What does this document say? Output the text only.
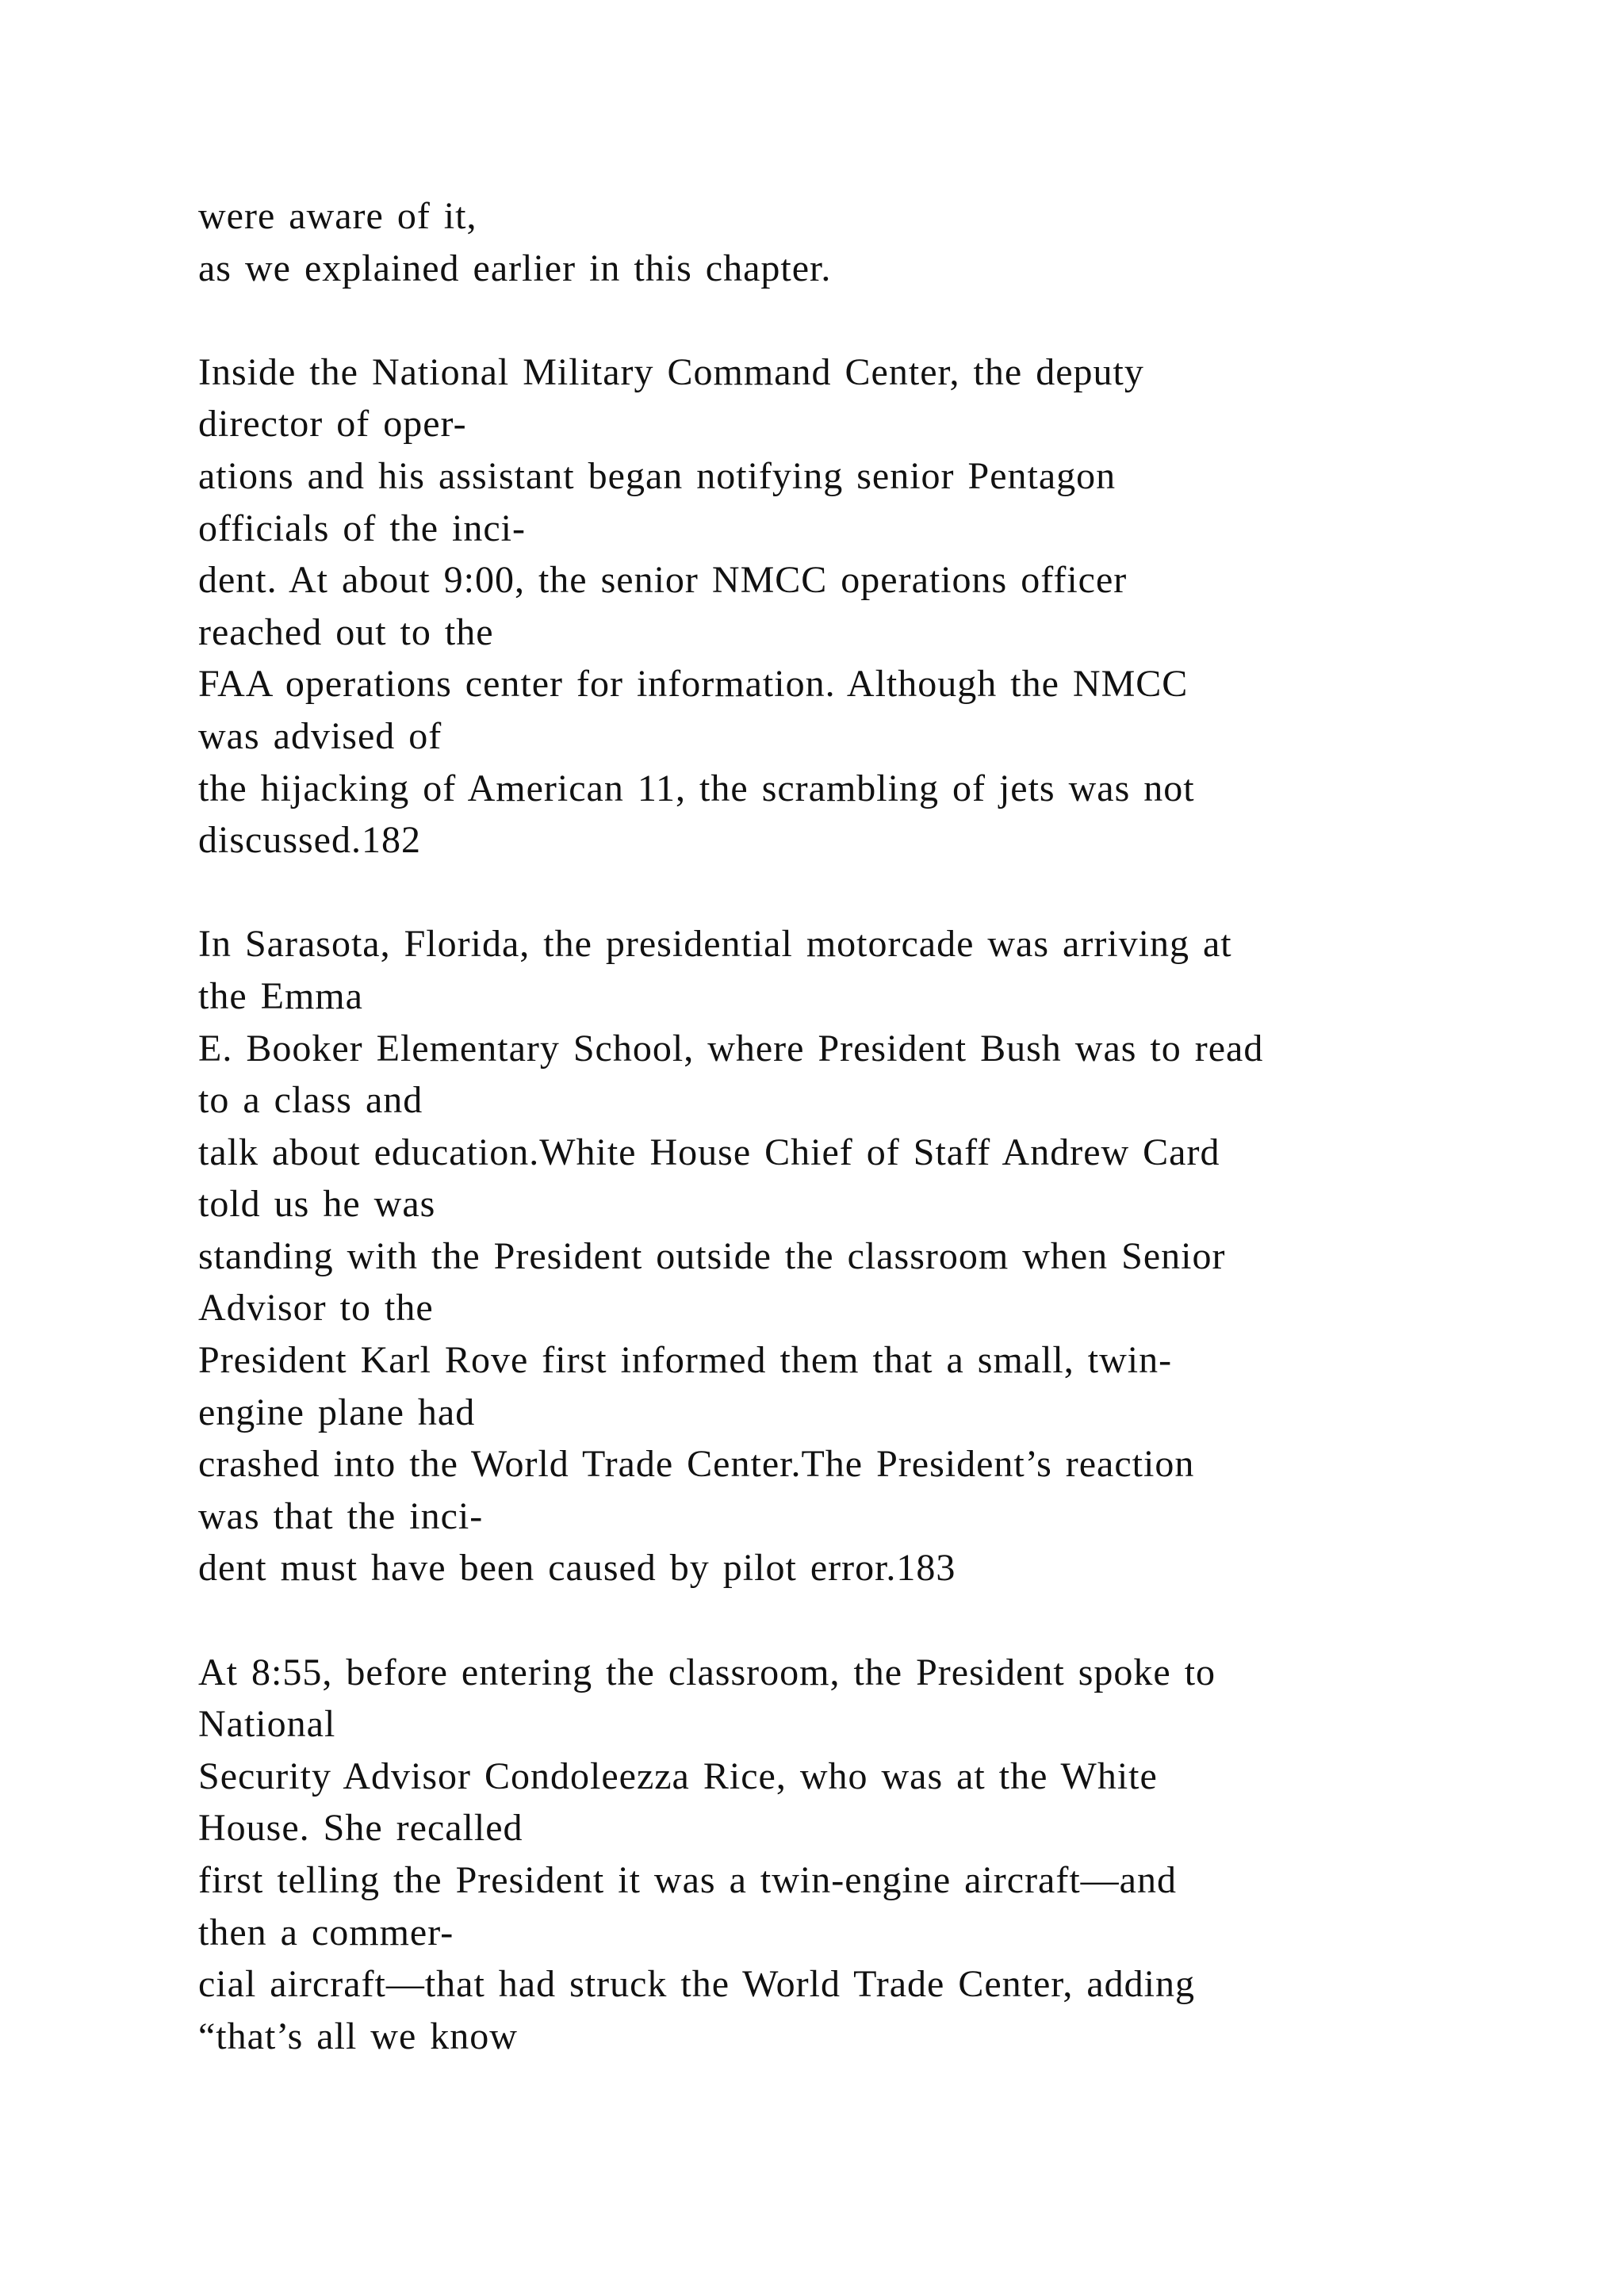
were aware of it,
as we explained earlier in this chapter.
Inside the National Military Command Center, the deputy
director of oper-
ations and his assistant began notifying senior Pentagon
officials of the inci-
dent. At about 9:00, the senior NMCC operations officer
reached out to the
FAA operations center for information. Although the NMCC
was advised of
the hijacking of American 11, the scrambling of jets was not
discussed.182
In Sarasota, Florida, the presidential motorcade was arriving at
the Emma
E. Booker Elementary School, where President Bush was to read
to a class and
talk about education.White House Chief of Staff Andrew Card
told us he was
standing with the President outside the classroom when Senior
Advisor to the
President Karl Rove first informed them that a small, twin-
engine plane had
crashed into the World Trade Center.The President’s reaction
was that the inci-
dent must have been caused by pilot error.183
At 8:55, before entering the classroom, the President spoke to
National
Security Advisor Condoleezza Rice, who was at the White
House. She recalled
first telling the President it was a twin-engine aircraft—and
then a commer-
cial aircraft—that had struck the World Trade Center, adding
“that’s all we know
